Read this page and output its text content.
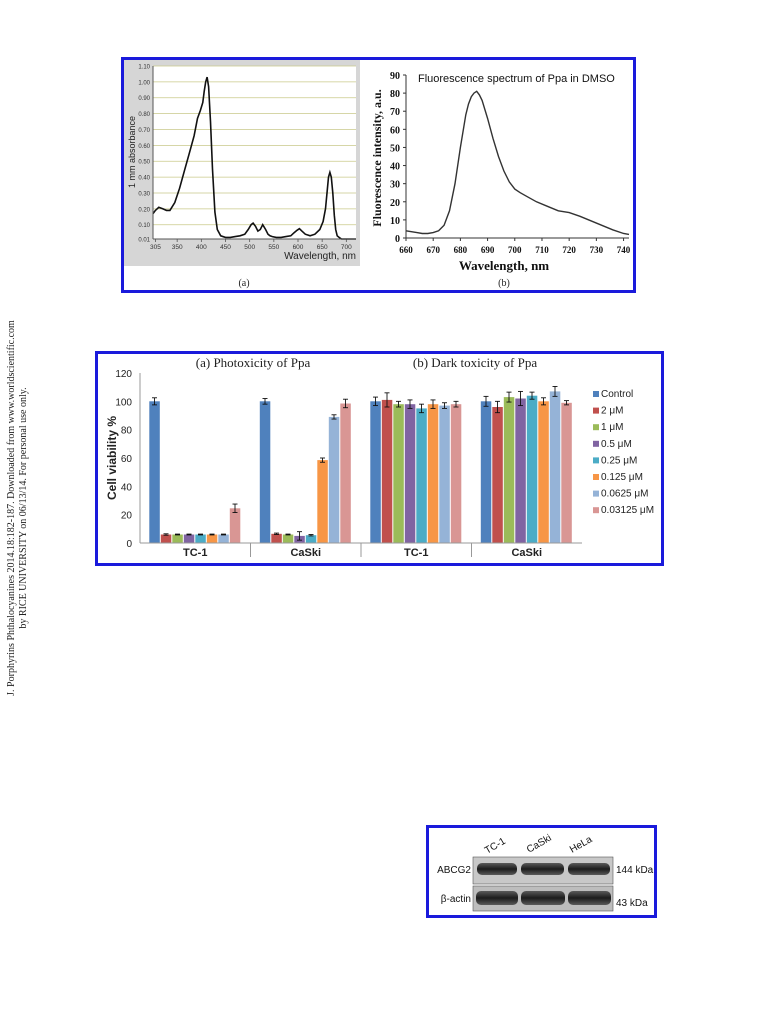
J. Porphyrins Phthalocyanines 2014.18:182-187. Downloaded from www.worldscientific.com by RICE UNIVERSITY on 06/13/14. For personal use only.
0.01
0.10
0.20
0.30
0.40
0.50
0.60
0.70
0.80
0.90
1.00
1.10
305 350 400 450 500 550 600 650 700
1 mm absorbance
Wavelength, nm
(a)
0
10
20
30
40
50
60
70
80
90
660 670 680 690 700 710 720 730 740
Fluorescence spectrum of Ppa in DMSO
Fluorescence intensity, a.u.
Wavelength, nm
(b)
(a) Photoxicity of Ppa	(b) Dark toxicity of Ppa
Cell viability %
0
20
40
60
80
100
120
TC-1	CaSki	TC-1	CaSki
Control
2 μM
1 μM
0.5 μM
0.25 μM
0.125 μM
0.0625 μM
0.03125 μM
TC-1 CaSki HeLa
ABCG2
β-actin
144 kDa
43 kDa
